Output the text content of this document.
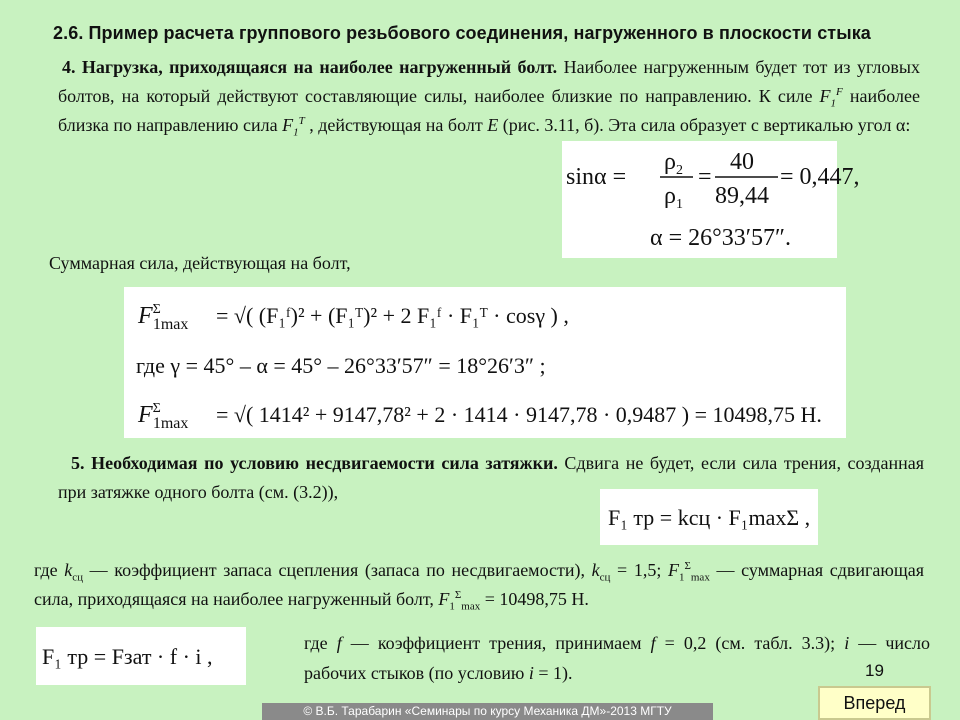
2.6. Пример расчета группового резьбового соединения, нагруженного в плоскости стыка
4. Нагрузка, приходящаяся на наиболее нагруженный болт. Наиболее нагруженным будет тот из угловых болтов, на который действуют составляющие силы, наиболее близкие по направлению. К силе $F_1^F$ наиболее близка по направлению сила $F_1^T$ , действующая на болт E (рис. 3.11, б). Эта сила образует с вертикалью угол α:
sinα =
$\rho_2$
$\rho_1$
=
40
89,44
= 0,447,
α = 26°33′57″.
Суммарная сила, действующая на болт,
$F^\Sigma$ 1max = √( (F₁ᶠ)² + (F₁ᵀ)² + 2 F₁ᶠ · F₁ᵀ · cosγ ) ,
где γ = 45° – α = 45° – 26°33′57″ = 18°26′3″ ;
$F^\Sigma$ 1max = √( 1414² + 9147,78² + 2 · 1414 · 9147,78 · 0,9487 ) = 10498,75 Н.
5. Необходимая по условию несдвигаемости сила затяжки. Сдвига не будет, если сила трения, созданная при затяжке одного болта (см. (3.2)),
F₁ тр = kсц · F₁maxΣ ,
где $k_{сц}$ — коэффициент запаса сцепления (запаса по несдвигаемости), $k_{сц} = 1,5$; $F_1^\Sigma_{max}$ — суммарная сдвигающая сила, приходящаяся на наиболее нагруженный болт, $F_1^\Sigma_{max} = 10498,75$ Н.
F₁ тр = Fзат · f · i ,
где f — коэффициент трения, принимаем f = 0,2 (см. табл. 3.3); i — число рабочих стыков (по условию i = 1).	19
© В.Б. Тарабарин «Семинары по курсу Механика ДМ»-2013 МГТУ	Вперед
